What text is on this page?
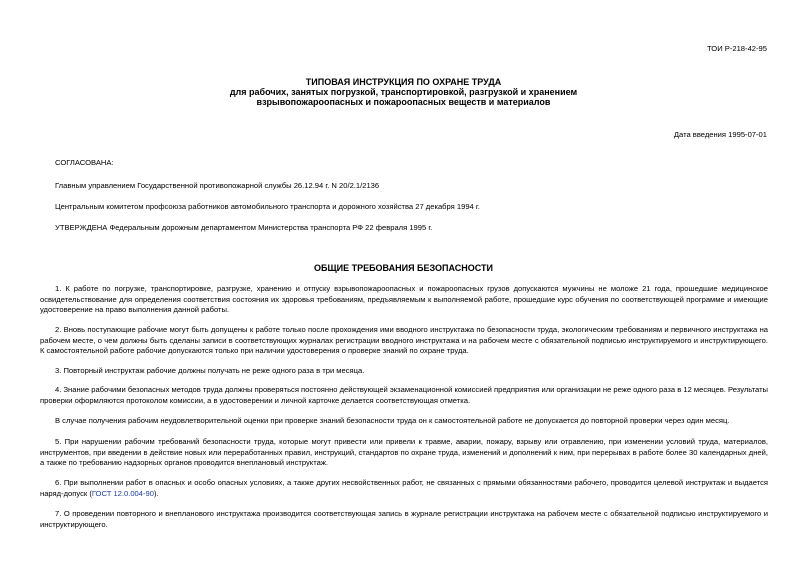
ТОИ Р-218-42-95
ТИПОВАЯ ИНСТРУКЦИЯ ПО ОХРАНЕ ТРУДА
для рабочих, занятых погрузкой, транспортировкой, разгрузкой и хранением
взрывопожароопасных и пожароопасных веществ и материалов
Дата введения 1995-07-01
СОГЛАСОВАНА:
Главным управлением Государственной противопожарной службы 26.12.94 г. N 20/2.1/2136
Центральным комитетом профсоюза работников автомобильного транспорта и дорожного хозяйства 27 декабря 1994 г.
УТВЕРЖДЕНА Федеральным дорожным департаментом Министерства транспорта РФ 22 февраля 1995 г.
ОБЩИЕ ТРЕБОВАНИЯ БЕЗОПАСНОСТИ
1. К работе по погрузке, транспортировке, разгрузке, хранению и отпуску взрывопожароопасных и пожароопасных грузов допускаются мужчины не моложе 21 года, прошедшие медицинское освидетельствование для определения соответствия состояния их здоровья требованиям, предъявляемым к выполняемой работе, прошедшие курс обучения по соответствующей программе и имеющие удостоверение на право выполнения данной работы.
2. Вновь поступающие рабочие могут быть допущены к работе только после прохождения ими вводного инструктажа по безопасности труда, экологическим требованиям и первичного инструктажа на рабочем месте, о чем должны быть сделаны записи в соответствующих журналах регистрации вводного инструктажа и на рабочем месте с обязательной подписью инструктируемого и инструктирующего. К самостоятельной работе рабочие допускаются только при наличии удостоверения о проверке знаний по охране труда.
3. Повторный инструктаж рабочие должны получать не реже одного раза в три месяца.
4. Знание рабочими безопасных методов труда должны проверяться постоянно действующей экзаменационной комиссией предприятия или организации не реже одного раза в 12 месяцев. Результаты проверки оформляются протоколом комиссии, а в удостоверении и личной карточке делается соответствующая отметка.
В случае получения рабочим неудовлетворительной оценки при проверке знаний безопасности труда он к самостоятельной работе не допускается до повторной проверки через один месяц.
5. При нарушении рабочим требований безопасности труда, которые могут привести или привели к травме, аварии, пожару, взрыву или отравлению, при изменении условий труда, материалов, инструментов, при введении в действие новых или переработанных правил, инструкций, стандартов по охране труда, изменений и дополнений к ним, при перерывах в работе более 30 календарных дней, а также по требованию надзорных органов проводится внеплановый инструктаж.
6. При выполнении работ в опасных и особо опасных условиях, а также других несвойственных работ, не связанных с прямыми обязанностями рабочего, проводится целевой инструктаж и выдается наряд-допуск (ГОСТ 12.0.004-90).
7. О проведении повторного и внепланового инструктажа производится соответствующая запись в журнале регистрации инструктажа на рабочем месте с обязательной подписью инструктируемого и инструктирующего.
